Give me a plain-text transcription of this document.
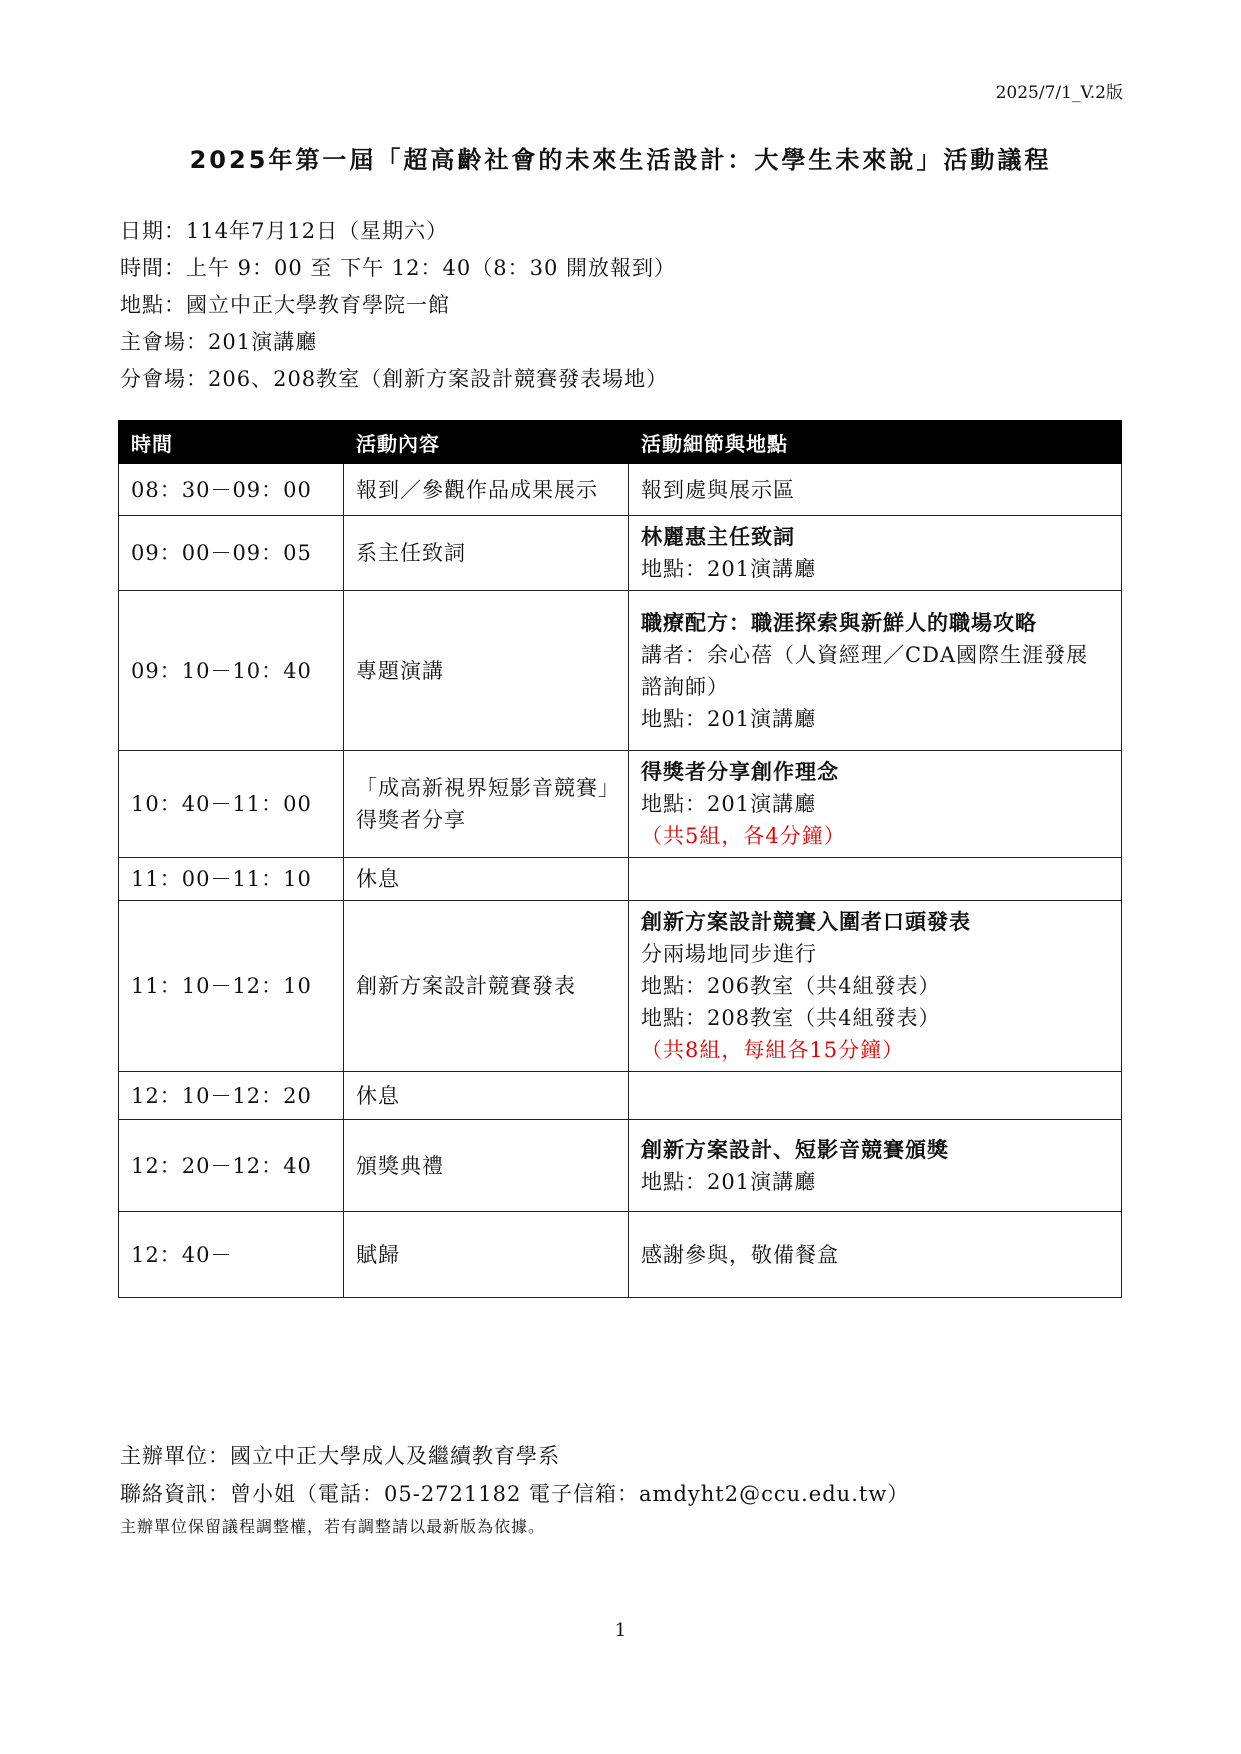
2025/7/1_V.2版
2025年第一屆「超高齡社會的未來生活設計：大學生未來說」活動議程
日期：114年7月12日（星期六）
時間：上午 9：00 至 下午 12：40（8：30 開放報到）
地點：國立中正大學教育學院一館
主會場：201演講廳
分會場：206、208教室（創新方案設計競賽發表場地）
時間	活動內容	活動細節與地點
08：30－09：00	報到／參觀作品成果展示	報到處與展示區

09：00－09：05	系主任致詞	林麗惠主任致詞
地點：201演講廳

09：10－10：40	專題演講	職療配方：職涯探索與新鮮人的職場攻略
講者：余心蓓（人資經理／CDA國際生涯發展諮詢師）
地點：201演講廳

10：40－11：00	「成高新視界短影音競賽」得獎者分享	得獎者分享創作理念
地點：201演講廳
（共5組，各4分鐘）

11：00－11：10	休息	
11：10－12：10	創新方案設計競賽發表	創新方案設計競賽入圍者口頭發表
分兩場地同步進行
地點：206教室（共4組發表）
地點：208教室（共4組發表）
（共8組，每組各15分鐘）

12：10－12：20	休息	
12：20－12：40	頒獎典禮	創新方案設計、短影音競賽頒獎
地點：201演講廳

12：40－	賦歸	感謝參與，敬備餐盒
主辦單位：國立中正大學成人及繼續教育學系
聯絡資訊：曾小姐（電話：05-2721182 電子信箱：amdyht2@ccu.edu.tw）
主辦單位保留議程調整權，若有調整請以最新版為依據。
1
